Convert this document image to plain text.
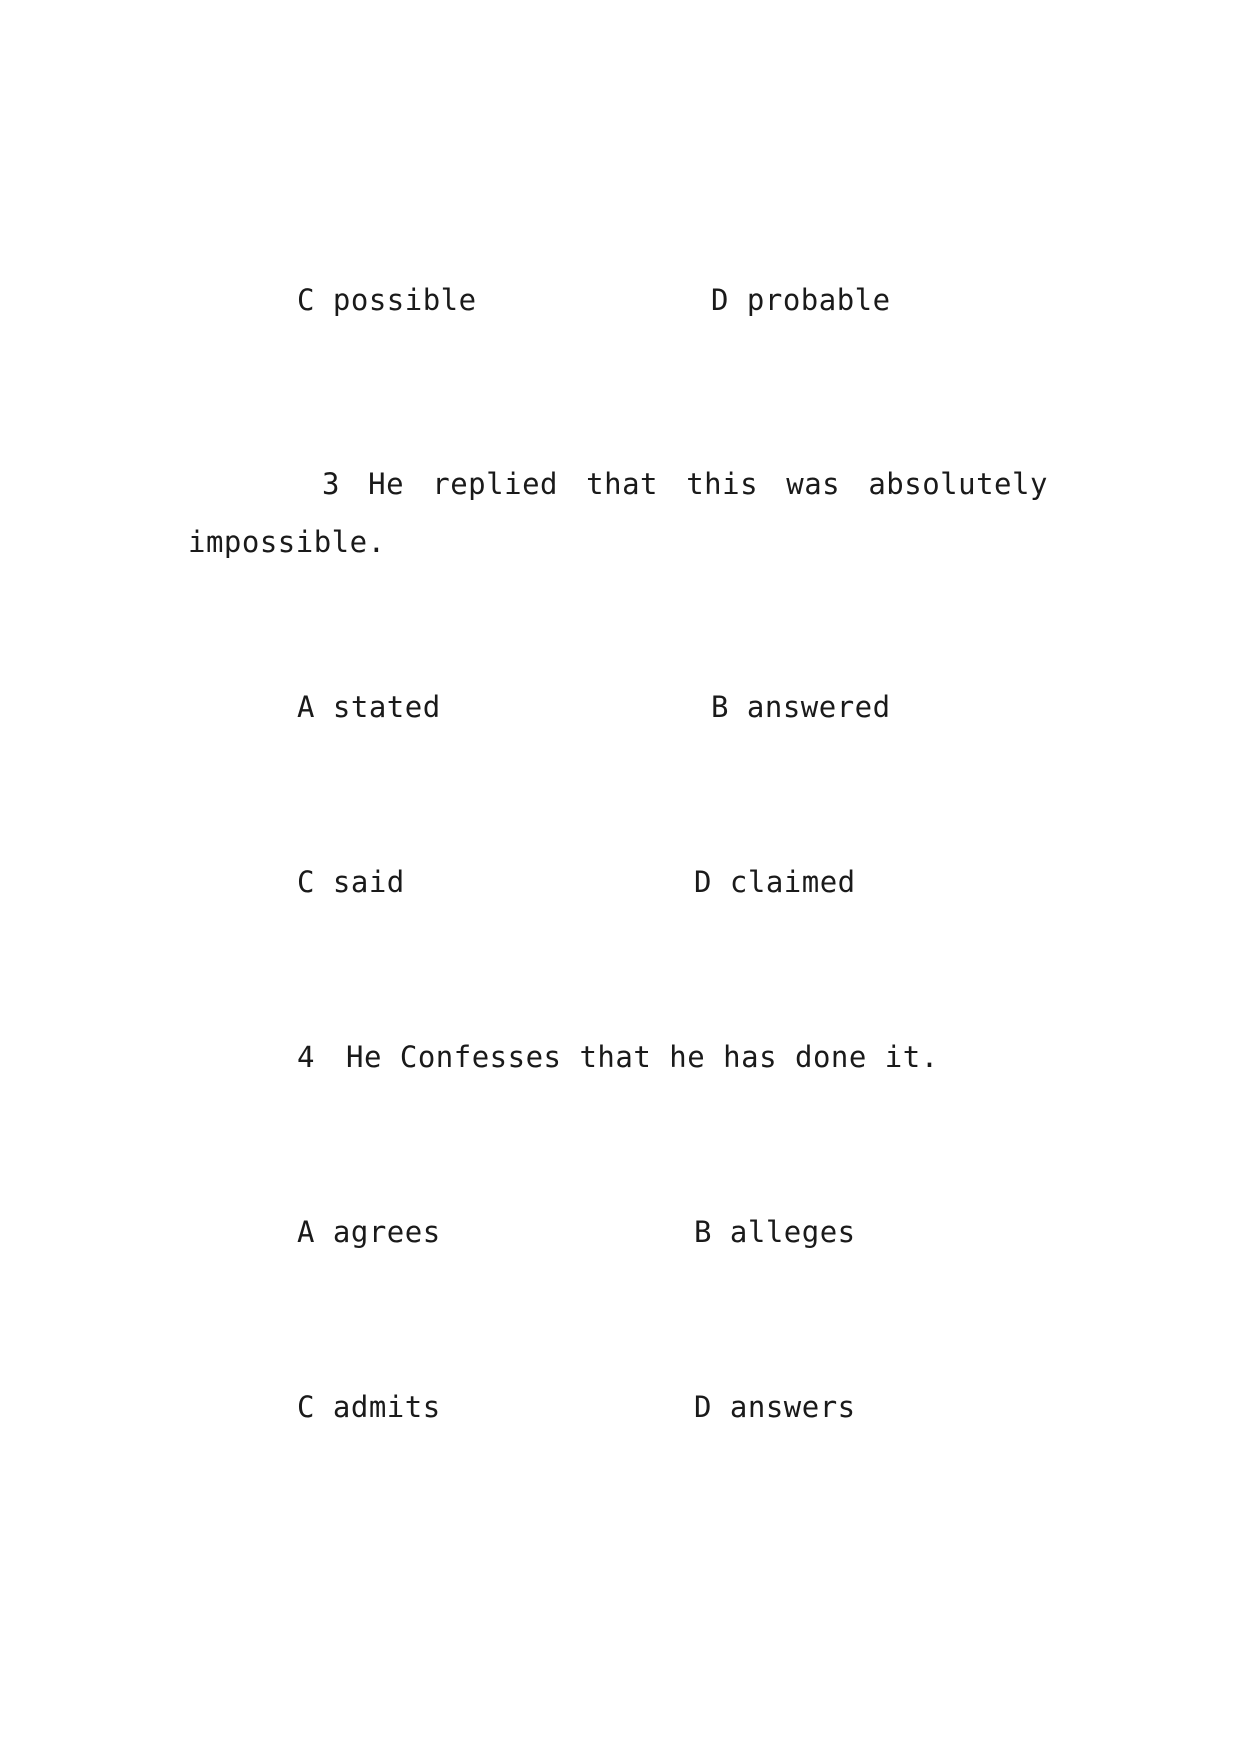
C possible	D probable
3 He replied that this was absolutely
impossible.
A stated	B answered
C said	D claimed
4 He Confesses that he has done it.
A agrees	B alleges
C admits	D answers
